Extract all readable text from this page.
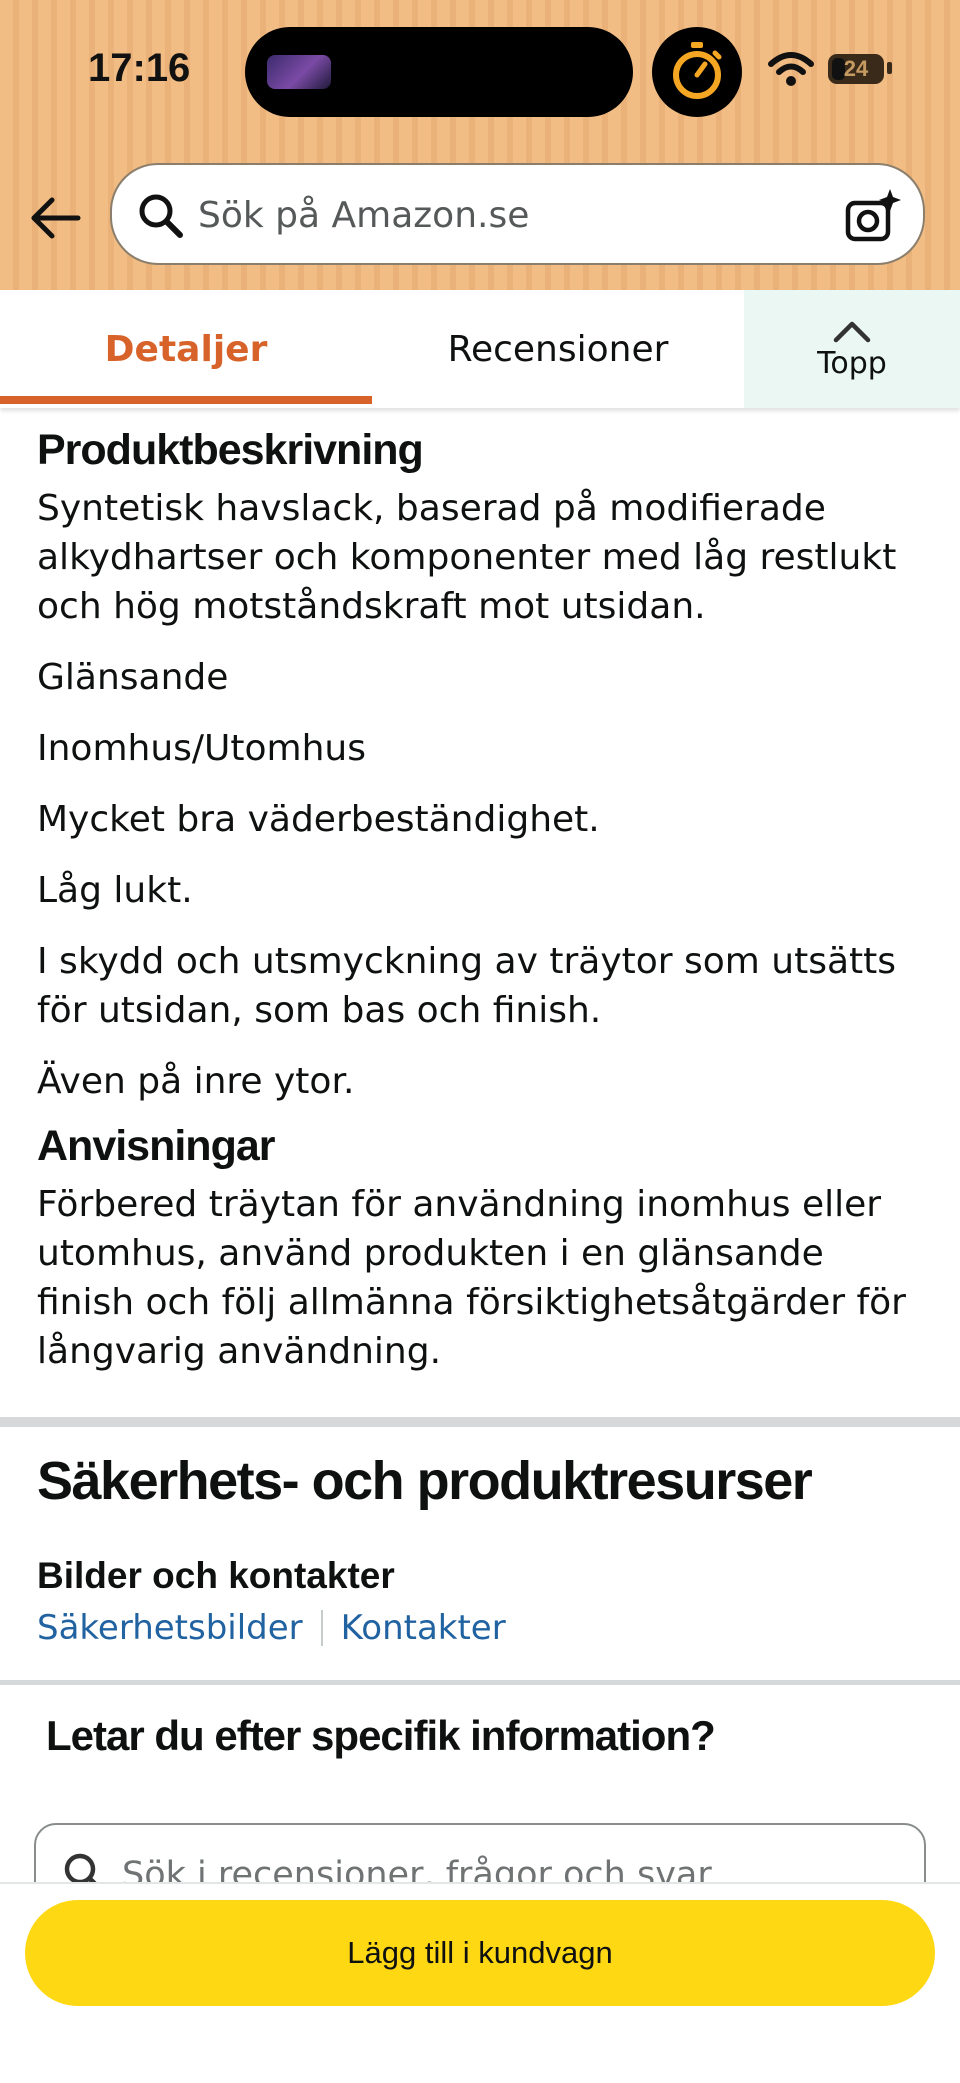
17:16	24
Sök på Amazon.se
Detaljer	Recensioner	Topp
Produktbeskrivning

Syntetisk havslack, baserad på modifierade alkydhartser och komponenter med låg restlukt och hög motståndskraft mot utsidan.

Glänsande

Inomhus/Utomhus

Mycket bra väderbeständighet.

Låg lukt.

I skydd och utsmyckning av träytor som utsätts för utsidan, som bas och finish.

Även på inre ytor.

Anvisningar

Förbered träytan för användning inomhus eller utomhus, använd produkten i en glänsande finish och följ allmänna försiktighetsåtgärder för långvarig användning.

Säkerhets- och produktresurser
Bilder och kontakter
Säkerhetsbilder Kontakter
Letar du efter specifik information?
Sök i recensioner, frågor och svar
Lägg till i kundvagn
